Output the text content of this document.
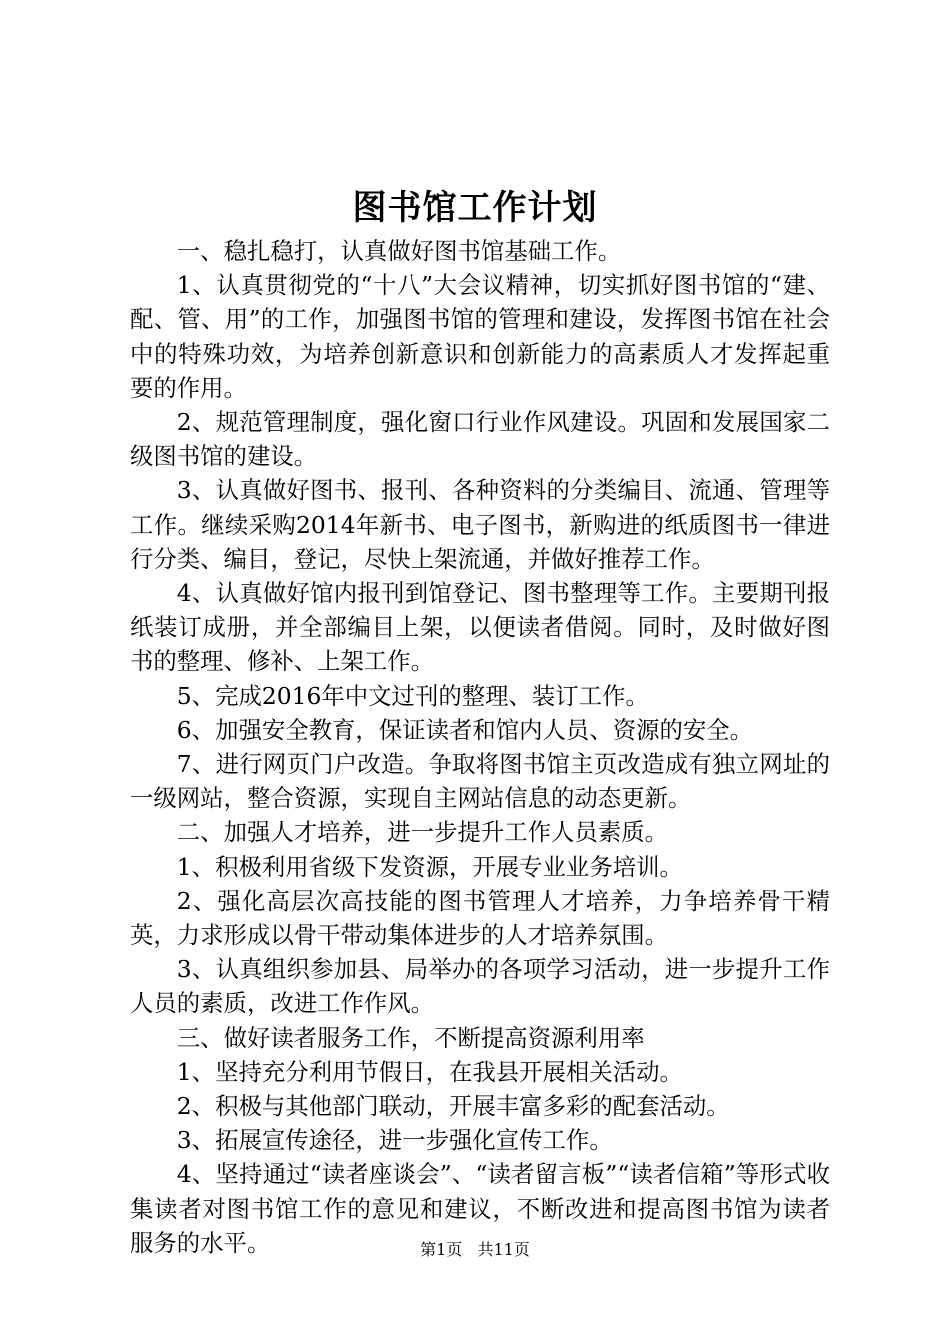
图书馆工作计划

一、稳扎稳打，认真做好图书馆基础工作。

1、认真贯彻党的“十八”大会议精神，切实抓好图书馆的“建、配、管、用”的工作，加强图书馆的管理和建设，发挥图书馆在社会中的特殊功效，为培养创新意识和创新能力的高素质人才发挥起重要的作用。

2、规范管理制度，强化窗口行业作风建设。巩固和发展国家二级图书馆的建设。

3、认真做好图书、报刊、各种资料的分类编目、流通、管理等工作。继续采购2014年新书、电子图书，新购进的纸质图书一律进行分类、编目，登记，尽快上架流通，并做好推荐工作。

4、认真做好馆内报刊到馆登记、图书整理等工作。主要期刊报纸装订成册，并全部编目上架，以便读者借阅。同时，及时做好图书的整理、修补、上架工作。

5、完成2016年中文过刊的整理、装订工作。

6、加强安全教育，保证读者和馆内人员、资源的安全。

7、进行网页门户改造。争取将图书馆主页改造成有独立网址的一级网站，整合资源，实现自主网站信息的动态更新。

二、加强人才培养，进一步提升工作人员素质。

1、积极利用省级下发资源，开展专业业务培训。

2、强化高层次高技能的图书管理人才培养，力争培养骨干精英，力求形成以骨干带动集体进步的人才培养氛围。

3、认真组织参加县、局举办的各项学习活动，进一步提升工作人员的素质，改进工作作风。

三、做好读者服务工作，不断提高资源利用率

1、坚持充分利用节假日，在我县开展相关活动。

2、积极与其他部门联动，开展丰富多彩的配套活动。

3、拓展宣传途径，进一步强化宣传工作。

4、坚持通过“读者座谈会”、“读者留言板”“读者信箱”等形式收集读者对图书馆工作的意见和建议，不断改进和提高图书馆为读者服务的水平。	第1页 共11页
